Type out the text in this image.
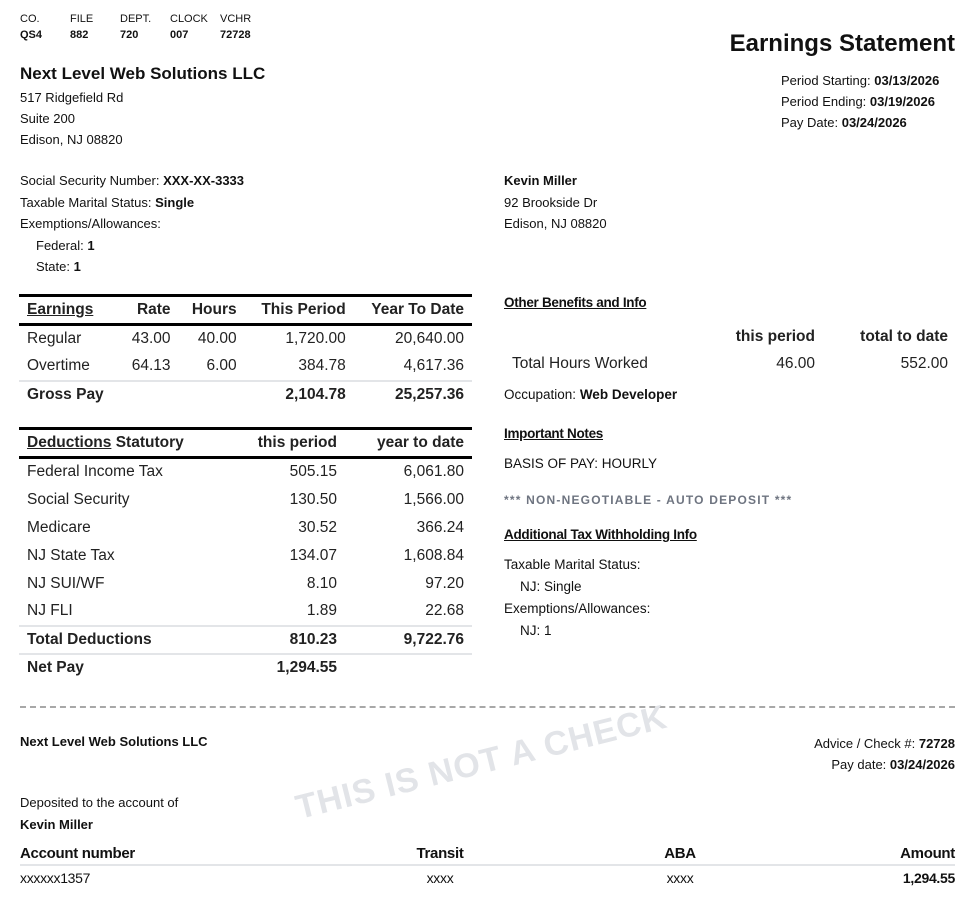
CO.	FILE	DEPT.	CLOCK	VCHR
QS4	882	720	007	72728	Earnings Statement
Period Starting: 03/13/2026
Period Ending: 03/19/2026
Pay Date: 03/24/2026
Next Level Web Solutions LLC
517 Ridgefield Rd
Suite 200
Edison, NJ 08820
Social Security Number: XXX-XX-3333
Taxable Marital Status: Single
Exemptions/Allowances:
Federal: 1
State: 1
Kevin Miller
92 Brookside Dr
Edison, NJ 08820
Earnings	Rate	Hours	This Period	Year To Date
Regular	43.00	40.00	1,720.00	20,640.00
Overtime	64.13	6.00	384.78	4,617.36
Gross Pay			2,104.78	25,257.36
Deductions Statutory	this period	year to date
Federal Income Tax	505.15	6,061.80
Social Security	130.50	1,566.00
Medicare	30.52	366.24
NJ State Tax	134.07	1,608.84
NJ SUI/WF	8.10	97.20
NJ FLI	1.89	22.68
Total Deductions	810.23	9,722.76
Net Pay	1,294.55	
Other Benefits and Info
	this period	total to date
Total Hours Worked	46.00	552.00
Occupation: Web Developer
Important Notes
BASIS OF PAY: HOURLY
*** NON-NEGOTIABLE - AUTO DEPOSIT ***
Additional Tax Withholding Info
Taxable Marital Status:
NJ: Single
Exemptions/Allowances:
NJ: 1
THIS IS NOT A CHECK
Next Level Web Solutions LLC	Advice / Check #: 72728
Pay date: 03/24/2026
Deposited to the account of
Kevin Miller
Account number	Transit	ABA	Amount
xxxxxx1357	xxxx	xxxx	1,294.55
